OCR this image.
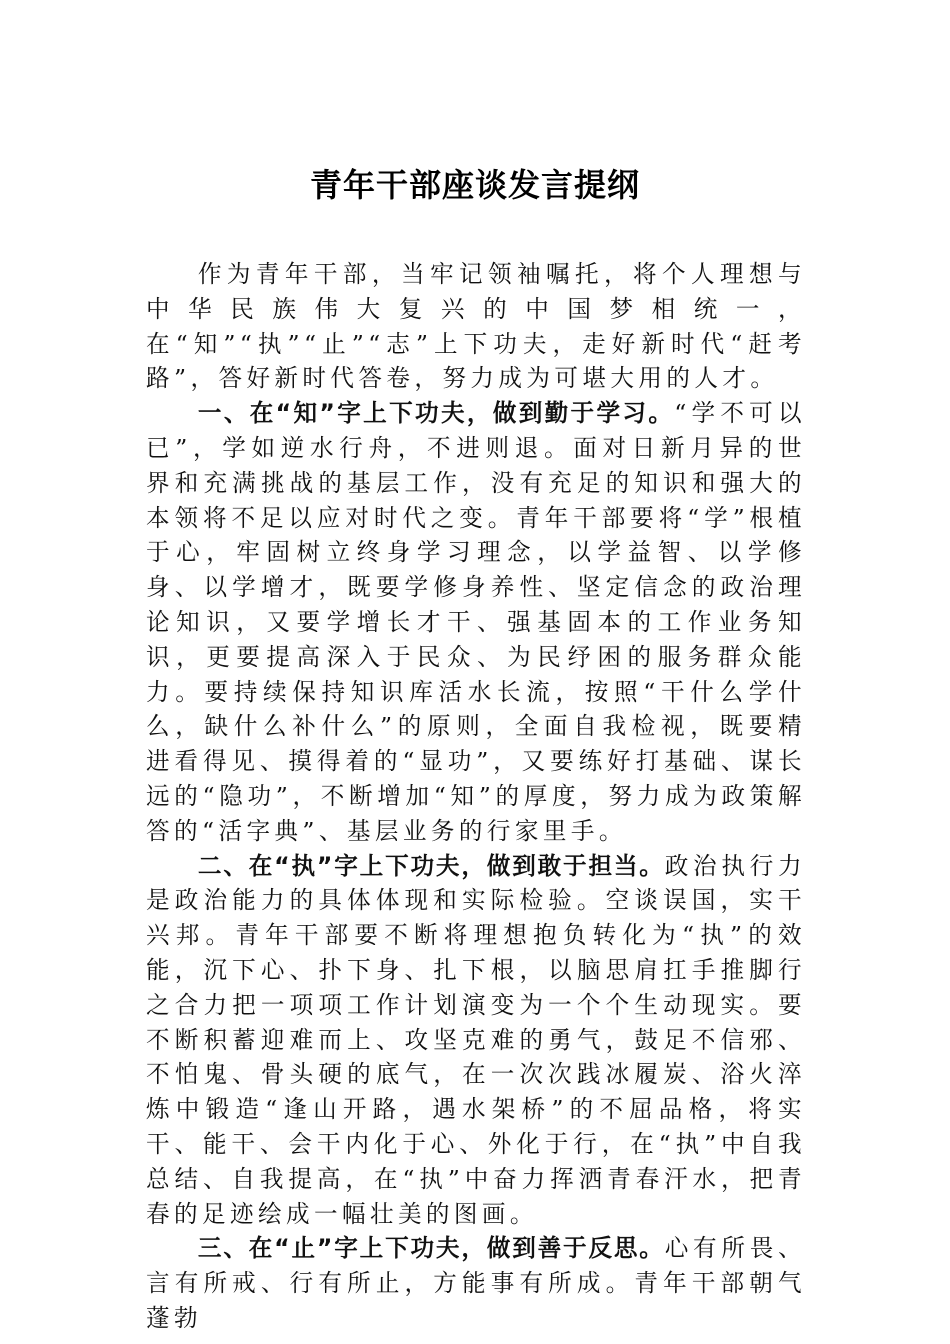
青年干部座谈发言提纲

作为青年干部，当牢记领袖嘱托，将个人理想与中华民族伟大复兴的中国梦相统一，在“知”“执”“止”“志”上下功夫，走好新时代“赶考路”，答好新时代答卷，努力成为可堪大用的人才。

一、在“知”字上下功夫，做到勤于学习。“学不可以已”，学如逆水行舟，不进则退。面对日新月异的世界和充满挑战的基层工作，没有充足的知识和强大的本领将不足以应对时代之变。青年干部要将“学”根植于心，牢固树立终身学习理念，以学益智、以学修身、以学增才，既要学修身养性、坚定信念的政治理论知识，又要学增长才干、强基固本的工作业务知识，更要提高深入于民众、为民纾困的服务群众能力。要持续保持知识库活水长流，按照“干什么学什么，缺什么补什么”的原则，全面自我检视，既要精进看得见、摸得着的“显功”，又要练好打基础、谋长远的“隐功”，不断增加“知”的厚度，努力成为政策解答的“活字典”、基层业务的行家里手。

二、在“执”字上下功夫，做到敢于担当。政治执行力是政治能力的具体体现和实际检验。空谈误国，实干兴邦。青年干部要不断将理想抱负转化为“执”的效能，沉下心、扑下身、扎下根，以脑思肩扛手推脚行之合力把一项项工作计划演变为一个个生动现实。要不断积蓄迎难而上、攻坚克难的勇气，鼓足不信邪、不怕鬼、骨头硬的底气，在一次次践冰履炭、浴火淬炼中锻造“逢山开路，遇水架桥”的不屈品格，将实干、能干、会干内化于心、外化于行，在“执”中自我总结、自我提高，在“执”中奋力挥洒青春汗水，把青春的足迹绘成一幅壮美的图画。

三、在“止”字上下功夫，做到善于反思。心有所畏、言有所戒、行有所止，方能事有所成。青年干部朝气蓬勃
